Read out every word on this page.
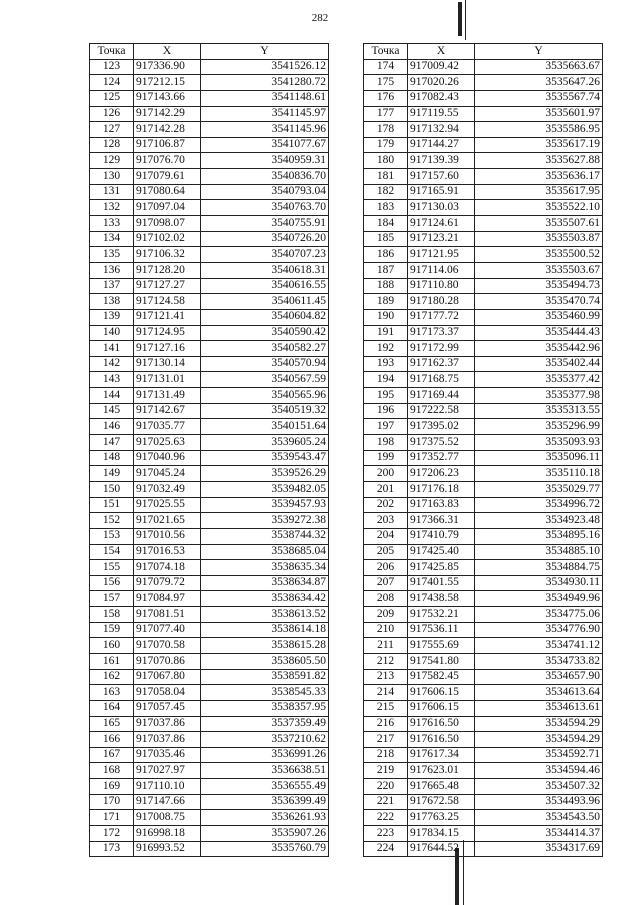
282
Точка	X	Y
123	917336.90	3541526.12
124	917212.15	3541280.72
125	917143.66	3541148.61
126	917142.29	3541145.97
127	917142.28	3541145.96
128	917106.87	3541077.67
129	917076.70	3540959.31
130	917079.61	3540836.70
131	917080.64	3540793.04
132	917097.04	3540763.70
133	917098.07	3540755.91
134	917102.02	3540726.20
135	917106.32	3540707.23
136	917128.20	3540618.31
137	917127.27	3540616.55
138	917124.58	3540611.45
139	917121.41	3540604.82
140	917124.95	3540590.42
141	917127.16	3540582.27
142	917130.14	3540570.94
143	917131.01	3540567.59
144	917131.49	3540565.96
145	917142.67	3540519.32
146	917035.77	3540151.64
147	917025.63	3539605.24
148	917040.96	3539543.47
149	917045.24	3539526.29
150	917032.49	3539482.05
151	917025.55	3539457.93
152	917021.65	3539272.38
153	917010.56	3538744.32
154	917016.53	3538685.04
155	917074.18	3538635.34
156	917079.72	3538634.87
157	917084.97	3538634.42
158	917081.51	3538613.52
159	917077.40	3538614.18
160	917070.58	3538615.28
161	917070.86	3538605.50
162	917067.80	3538591.82
163	917058.04	3538545.33
164	917057.45	3538357.95
165	917037.86	3537359.49
166	917037.86	3537210.62
167	917035.46	3536991.26
168	917027.97	3536638.51
169	917110.10	3536555.49
170	917147.66	3536399.49
171	917008.75	3536261.93
172	916998.18	3535907.26
173	916993.52	3535760.79
Точка	X	Y
174	917009.42	3535663.67
175	917020.26	3535647.26
176	917082.43	3535567.74
177	917119.55	3535601.97
178	917132.94	3535586.95
179	917144.27	3535617.19
180	917139.39	3535627.88
181	917157.60	3535636.17
182	917165.91	3535617.95
183	917130.03	3535522.10
184	917124.61	3535507.61
185	917123.21	3535503.87
186	917121.95	3535500.52
187	917114.06	3535503.67
188	917110.80	3535494.73
189	917180.28	3535470.74
190	917177.72	3535460.99
191	917173.37	3535444.43
192	917172.99	3535442.96
193	917162.37	3535402.44
194	917168.75	3535377.42
195	917169.44	3535377.98
196	917222.58	3535313.55
197	917395.02	3535296.99
198	917375.52	3535093.93
199	917352.77	3535096.11
200	917206.23	3535110.18
201	917176.18	3535029.77
202	917163.83	3534996.72
203	917366.31	3534923.48
204	917410.79	3534895.16
205	917425.40	3534885.10
206	917425.85	3534884.75
207	917401.55	3534930.11
208	917438.58	3534949.96
209	917532.21	3534775.06
210	917536.11	3534776.90
211	917555.69	3534741.12
212	917541.80	3534733.82
213	917582.45	3534657.90
214	917606.15	3534613.64
215	917606.15	3534613.61
216	917616.50	3534594.29
217	917616.50	3534594.29
218	917617.34	3534592.71
219	917623.01	3534594.46
220	917665.48	3534507.32
221	917672.58	3534493.96
222	917763.25	3534543.50
223	917834.15	3534414.37
224	917644.52	3534317.69
